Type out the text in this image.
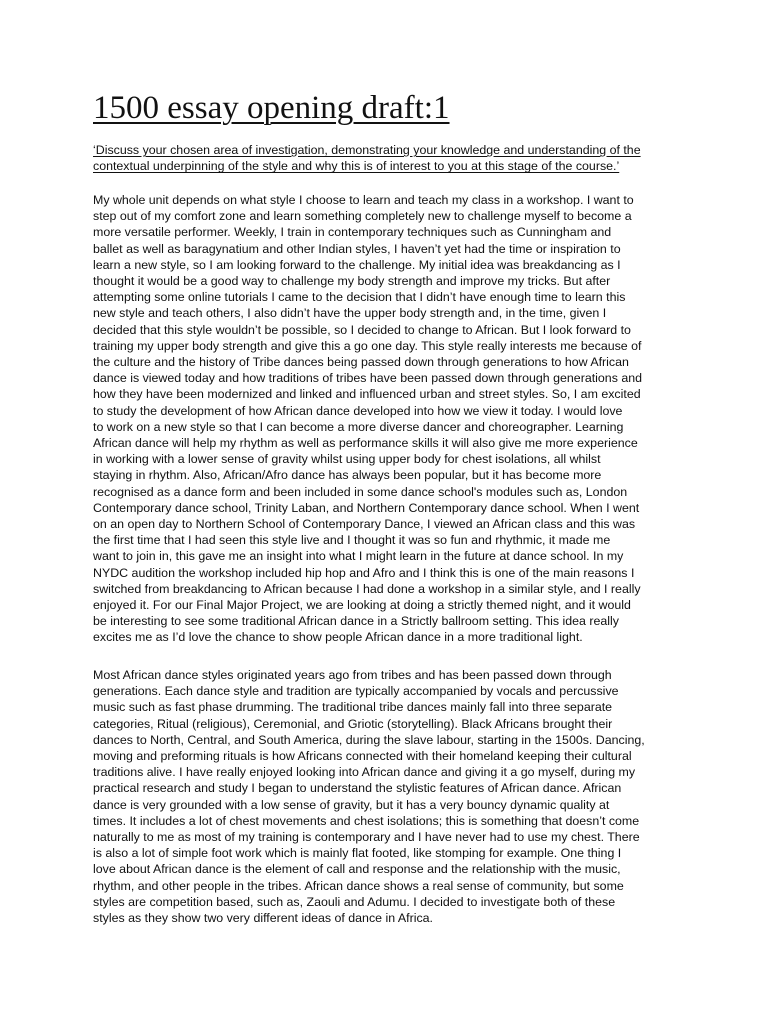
1500 essay opening draft:1

‘Discuss your chosen area of investigation, demonstrating your knowledge and understanding of the
contextual underpinning of the style and why this is of interest to you at this stage of the course.’

My whole unit depends on what style I choose to learn and teach my class in a workshop. I want to
step out of my comfort zone and learn something completely new to challenge myself to become a
more versatile performer. Weekly, I train in contemporary techniques such as Cunningham and
ballet as well as baragynatium and other Indian styles, I haven’t yet had the time or inspiration to
learn a new style, so I am looking forward to the challenge. My initial idea was breakdancing as I
thought it would be a good way to challenge my body strength and improve my tricks. But after
attempting some online tutorials I came to the decision that I didn’t have enough time to learn this
new style and teach others, I also didn’t have the upper body strength and, in the time, given I
decided that this style wouldn’t be possible, so I decided to change to African. But I look forward to
training my upper body strength and give this a go one day. This style really interests me because of
the culture and the history of Tribe dances being passed down through generations to how African
dance is viewed today and how traditions of tribes have been passed down through generations and
how they have been modernized and linked and influenced urban and street styles. So, I am excited
to study the development of how African dance developed into how we view it today. I would love
to work on a new style so that I can become a more diverse dancer and choreographer. Learning
African dance will help my rhythm as well as performance skills it will also give me more experience
in working with a lower sense of gravity whilst using upper body for chest isolations, all whilst
staying in rhythm. Also, African/Afro dance has always been popular, but it has become more
recognised as a dance form and been included in some dance school's modules such as, London
Contemporary dance school, Trinity Laban, and Northern Contemporary dance school. When I went
on an open day to Northern School of Contemporary Dance, I viewed an African class and this was
the first time that I had seen this style live and I thought it was so fun and rhythmic, it made me
want to join in, this gave me an insight into what I might learn in the future at dance school. In my
NYDC audition the workshop included hip hop and Afro and I think this is one of the main reasons I
switched from breakdancing to African because I had done a workshop in a similar style, and I really
enjoyed it. For our Final Major Project, we are looking at doing a strictly themed night, and it would
be interesting to see some traditional African dance in a Strictly ballroom setting. This idea really
excites me as I’d love the chance to show people African dance in a more traditional light.

Most African dance styles originated years ago from tribes and has been passed down through
generations. Each dance style and tradition are typically accompanied by vocals and percussive
music such as fast phase drumming. The traditional tribe dances mainly fall into three separate
categories, Ritual (religious), Ceremonial, and Griotic (storytelling). Black Africans brought their
dances to North, Central, and South America, during the slave labour, starting in the 1500s. Dancing,
moving and preforming rituals is how Africans connected with their homeland keeping their cultural
traditions alive. I have really enjoyed looking into African dance and giving it a go myself, during my
practical research and study I began to understand the stylistic features of African dance. African
dance is very grounded with a low sense of gravity, but it has a very bouncy dynamic quality at
times. It includes a lot of chest movements and chest isolations; this is something that doesn’t come
naturally to me as most of my training is contemporary and I have never had to use my chest. There
is also a lot of simple foot work which is mainly flat footed, like stomping for example. One thing I
love about African dance is the element of call and response and the relationship with the music,
rhythm, and other people in the tribes. African dance shows a real sense of community, but some
styles are competition based, such as, Zaouli and Adumu. I decided to investigate both of these
styles as they show two very different ideas of dance in Africa.
